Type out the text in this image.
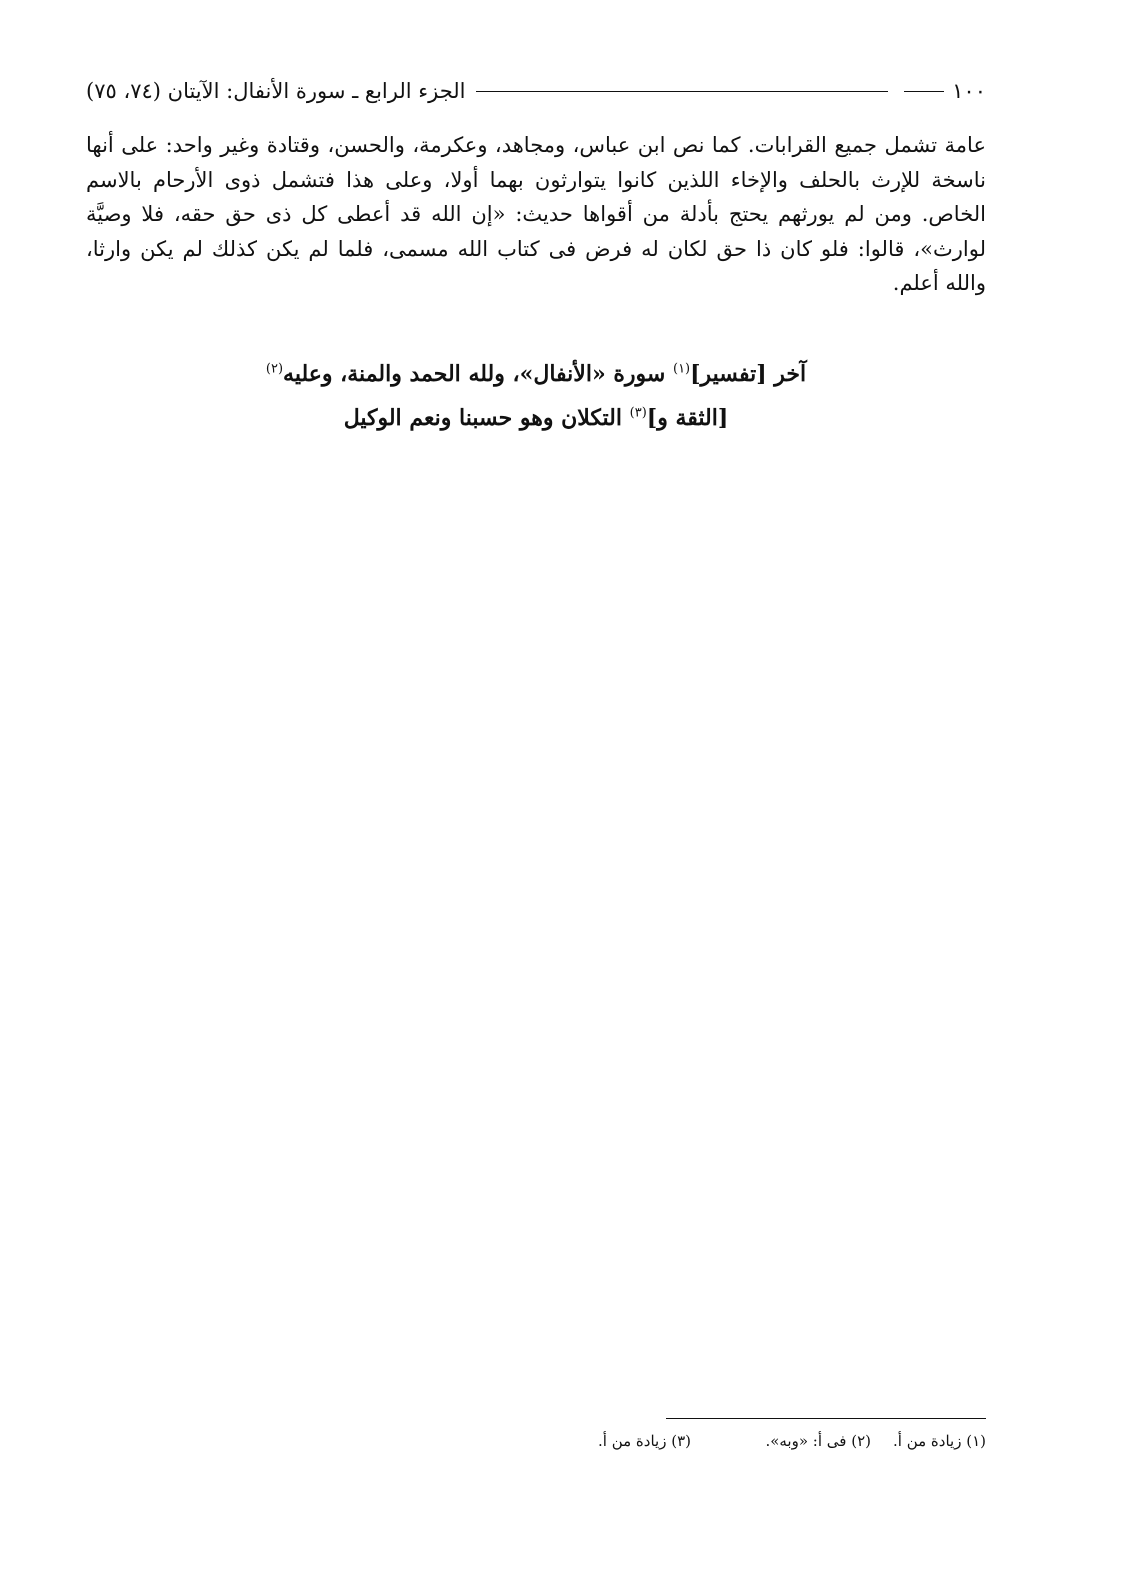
١٠٠
الجزء الرابع ـ سورة الأنفال: الآيتان (٧٤، ٧٥)

عامة تشمل جميع القرابات. كما نص ابن عباس، ومجاهد، وعكرمة، والحسن، وقتادة وغير واحد: على أنها ناسخة للإرث بالحلف والإخاء اللذين كانوا يتوارثون بهما أولا، وعلى هذا فتشمل ذوى الأرحام بالاسم الخاص. ومن لم يورثهم يحتج بأدلة من أقواها حديث: «إن الله قد أعطى كل ذى حق حقه، فلا وصيَّة لوارث»، قالوا: فلو كان ذا حق لكان له فرض فى كتاب الله مسمى، فلما لم يكن كذلك لم يكن وارثا، والله أعلم.

آخر [تفسير]$^{(١)}$ سورة «الأنفال»، ولله الحمد والمنة، وعليه$^{(٢)}$
[الثقة و]$^{(٣)}$ التكلان وهو حسبنا ونعم الوكيل
(١) زيادة من أ.
(٢) فى أ: «وبه».
(٣) زيادة من أ.
